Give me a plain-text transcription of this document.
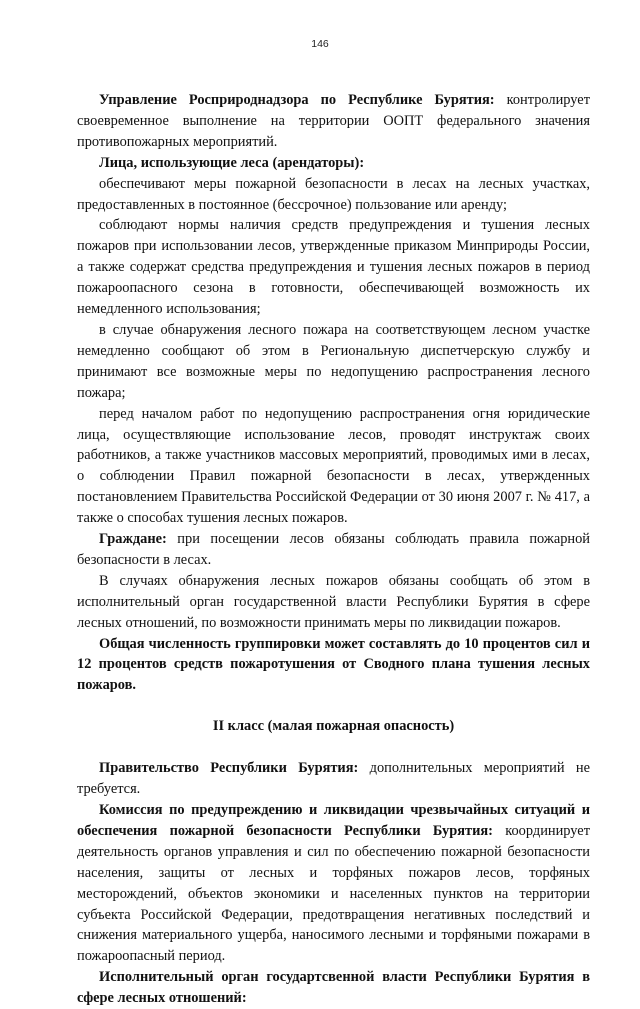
146

Управление Росприроднадзора по Республике Бурятия: контролирует своевременное выполнение на территории ООПТ федерального значения противопожарных мероприятий.

Лица, использующие леса (арендаторы):

обеспечивают меры пожарной безопасности в лесах на лесных участках, предоставленных в постоянное (бессрочное) пользование или аренду;

соблюдают нормы наличия средств предупреждения и тушения лесных пожаров при использовании лесов, утвержденные приказом Минприроды России, а также содержат средства предупреждения и тушения лесных пожаров в период пожароопасного сезона в готовности, обеспечивающей возможность их немедленного использования;

в случае обнаружения лесного пожара на соответствующем лесном участке немедленно сообщают об этом в Региональную диспетчерскую службу и принимают все возможные меры по недопущению распространения лесного пожара;

перед началом работ по недопущению распространения огня юридические лица, осуществляющие использование лесов, проводят инструктаж своих работников, а также участников массовых мероприятий, проводимых ими в лесах, о соблюдении Правил пожарной безопасности в лесах, утвержденных постановлением Правительства Российской Федерации от 30 июня 2007 г. № 417, а также о способах тушения лесных пожаров.

Граждане: при посещении лесов обязаны соблюдать правила пожарной безопасности в лесах.

В случаях обнаружения лесных пожаров обязаны сообщать об этом в исполнительный орган государственной власти Республики Бурятия в сфере лесных отношений, по возможности принимать меры по ликвидации пожаров.

Общая численность группировки может составлять до 10 процентов сил и 12 процентов средств пожаротушения от Сводного плана тушения лесных пожаров.

II класс (малая пожарная опасность)

Правительство Республики Бурятия: дополнительных мероприятий не требуется.

Комиссия по предупреждению и ликвидации чрезвычайных ситуаций и обеспечения пожарной безопасности Республики Бурятия: координирует деятельность органов управления и сил по обеспечению пожарной безопасности населения, защиты от лесных и торфяных пожаров лесов, торфяных месторождений, объектов экономики и населенных пунктов на территории субъекта Российской Федерации, предотвращения негативных последствий и снижения материального ущерба, наносимого лесными и торфяными пожарами в пожароопасный период.

Исполнительный орган государтсвенной власти Республики Бурятия в сфере лесных отношений:
